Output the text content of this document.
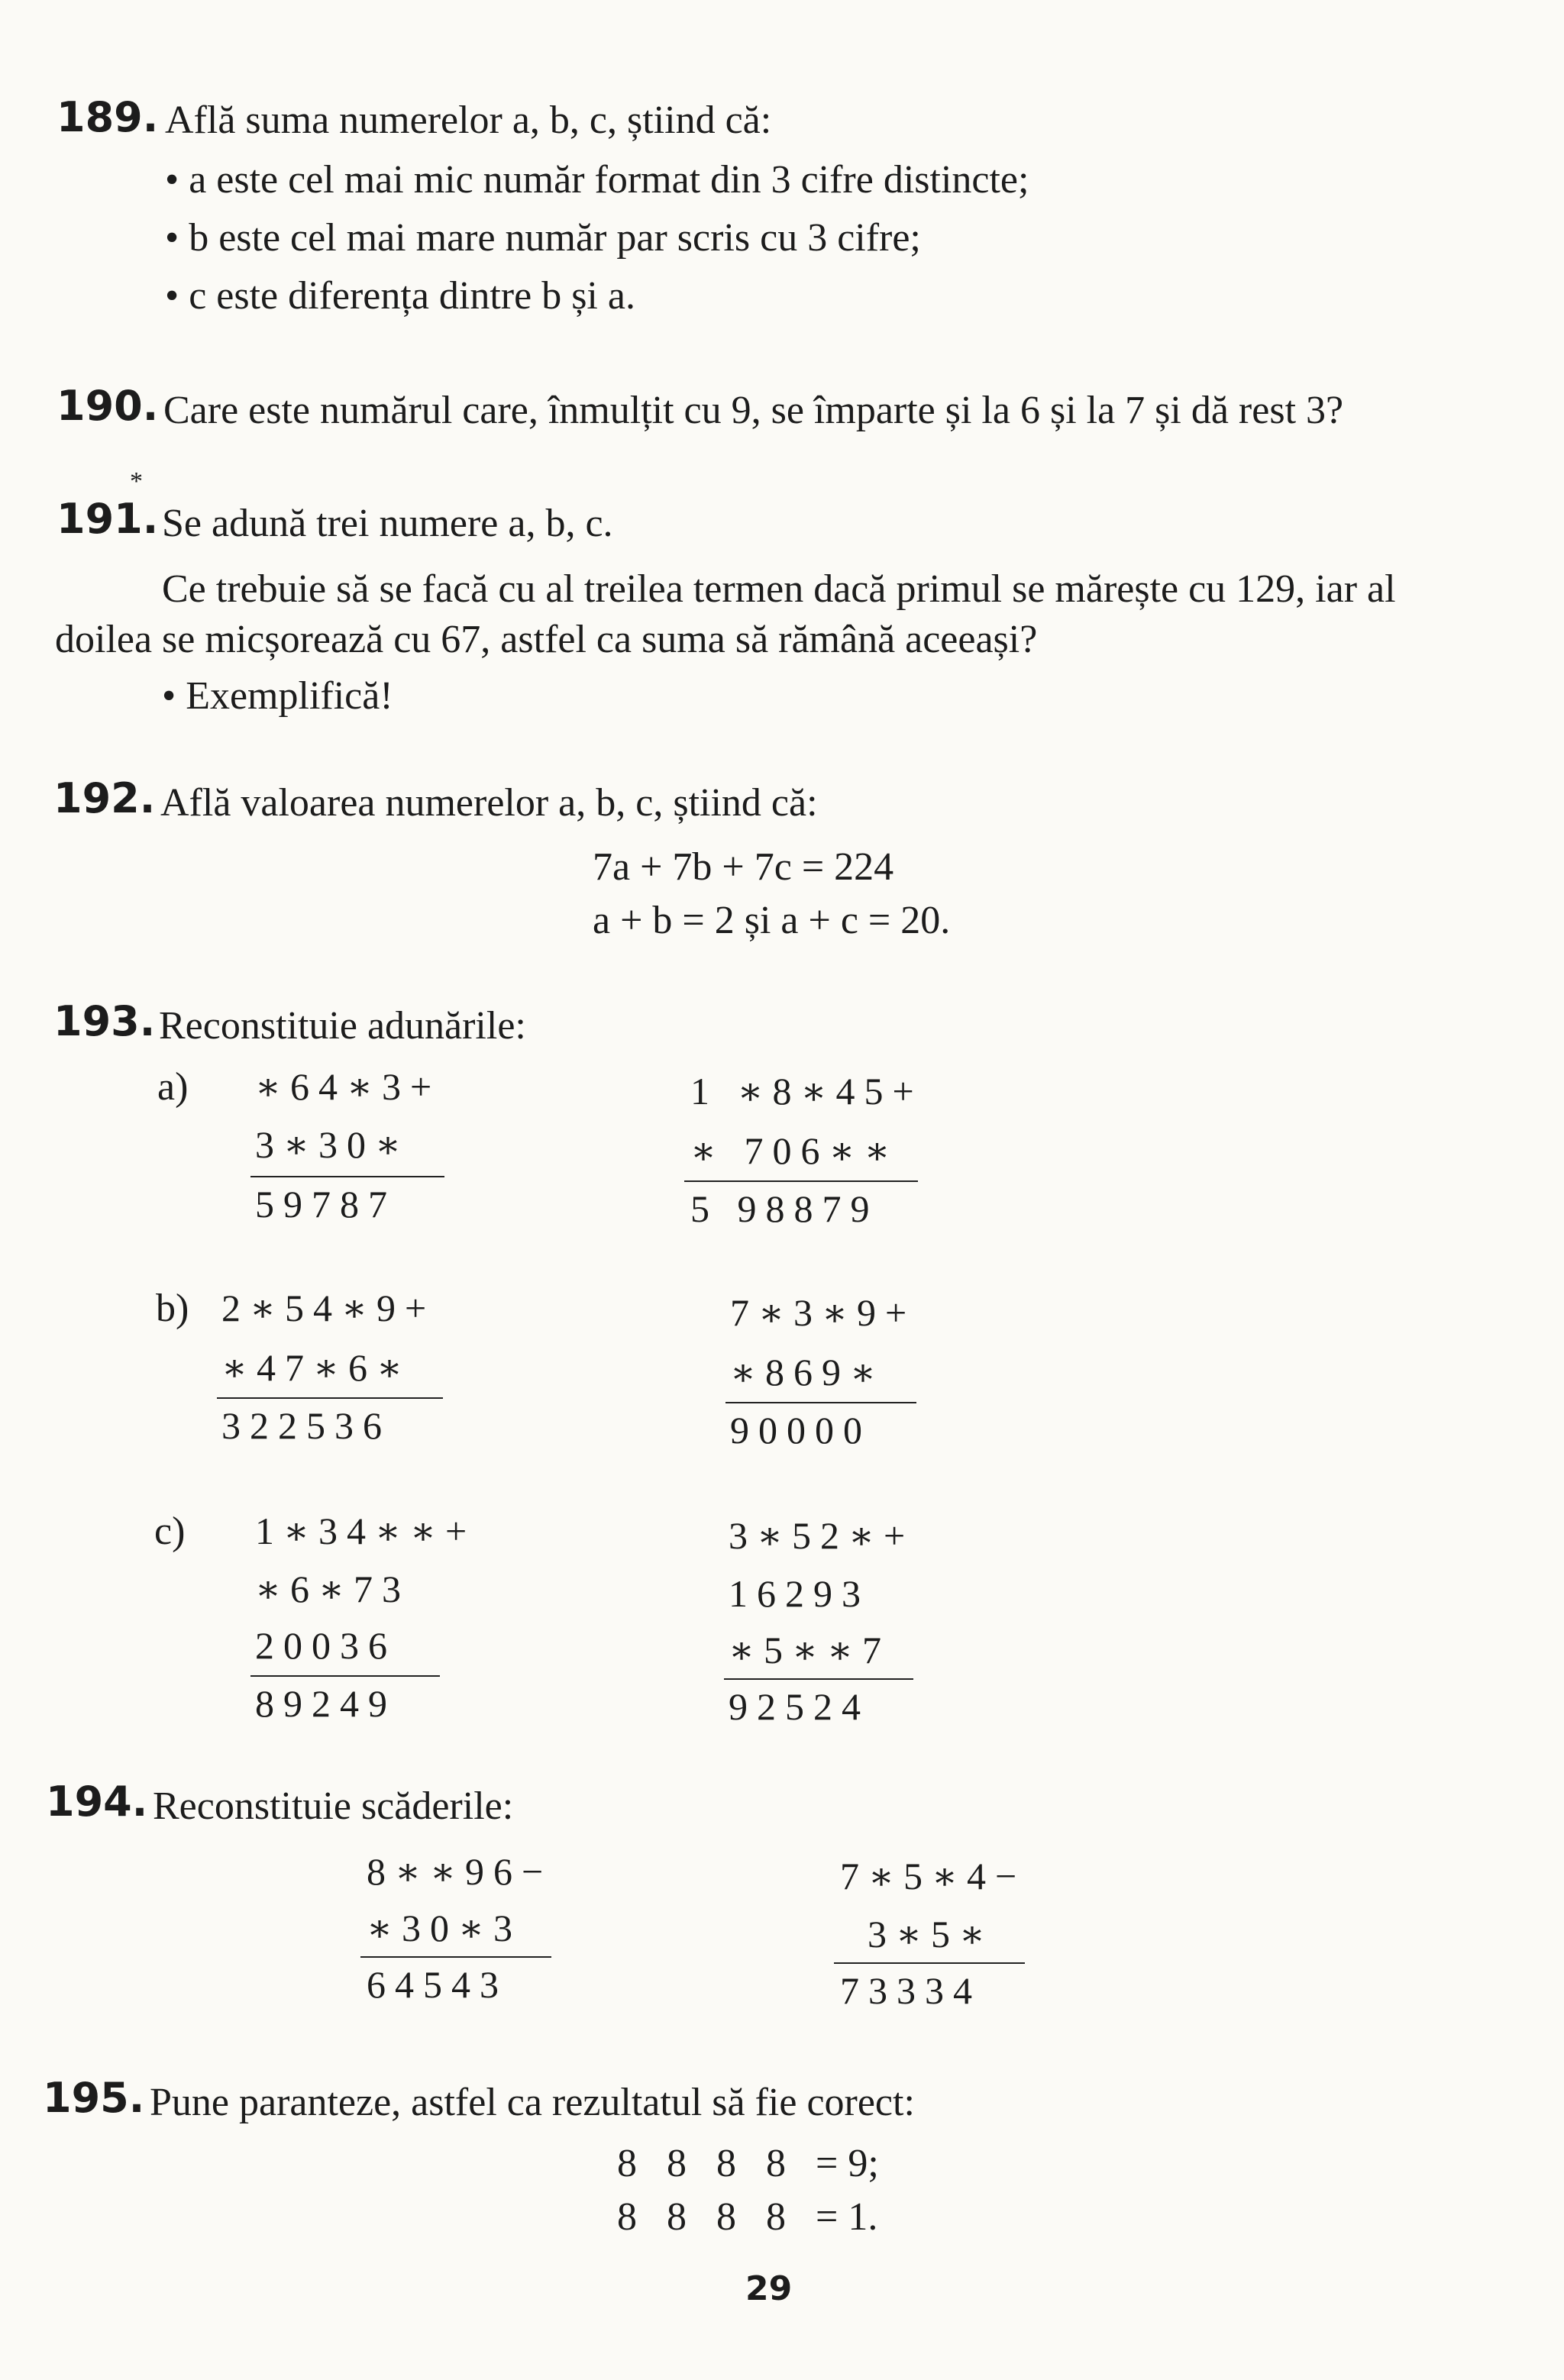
189. Află suma numerelor a, b, c, știind că:
• a este cel mai mic număr format din 3 cifre distincte;
• b este cel mai mare număr par scris cu 3 cifre;
• c este diferența dintre b și a.
190. Care este numărul care, înmulțit cu 9, se împarte și la 6 și la 7 și dă rest 3?
*
191. Se adună trei numere a, b, c.
Ce trebuie să se facă cu al treilea termen dacă primul se mărește cu 129, iar al
doilea se micșorează cu 67, astfel ca suma să rămână aceeași?
• Exemplifică!
192. Află valoarea numerelor a, b, c, știind că:
7a + 7b + 7c = 224
a + b = 2 și a + c = 20.
193. Reconstituie adunările:
a) ∗64∗3+
3∗30∗
59787
1 ∗8∗45+
∗ 706∗∗
5 98879
b) 2∗54∗9+
∗47∗6∗
322536
7∗3∗9+
∗869∗
90000
c) 1∗34∗∗+
∗6∗73
20036
89249
3∗52∗+
16293
∗5∗∗7
92524
194. Reconstituie scăderile:
8∗∗96−
∗30∗3
64543
7∗5∗4−
3∗5∗
73334
195. Pune paranteze, astfel ca rezultatul să fie corect:
8   8   8   8   = 9;
8   8   8   8   = 1.
29
